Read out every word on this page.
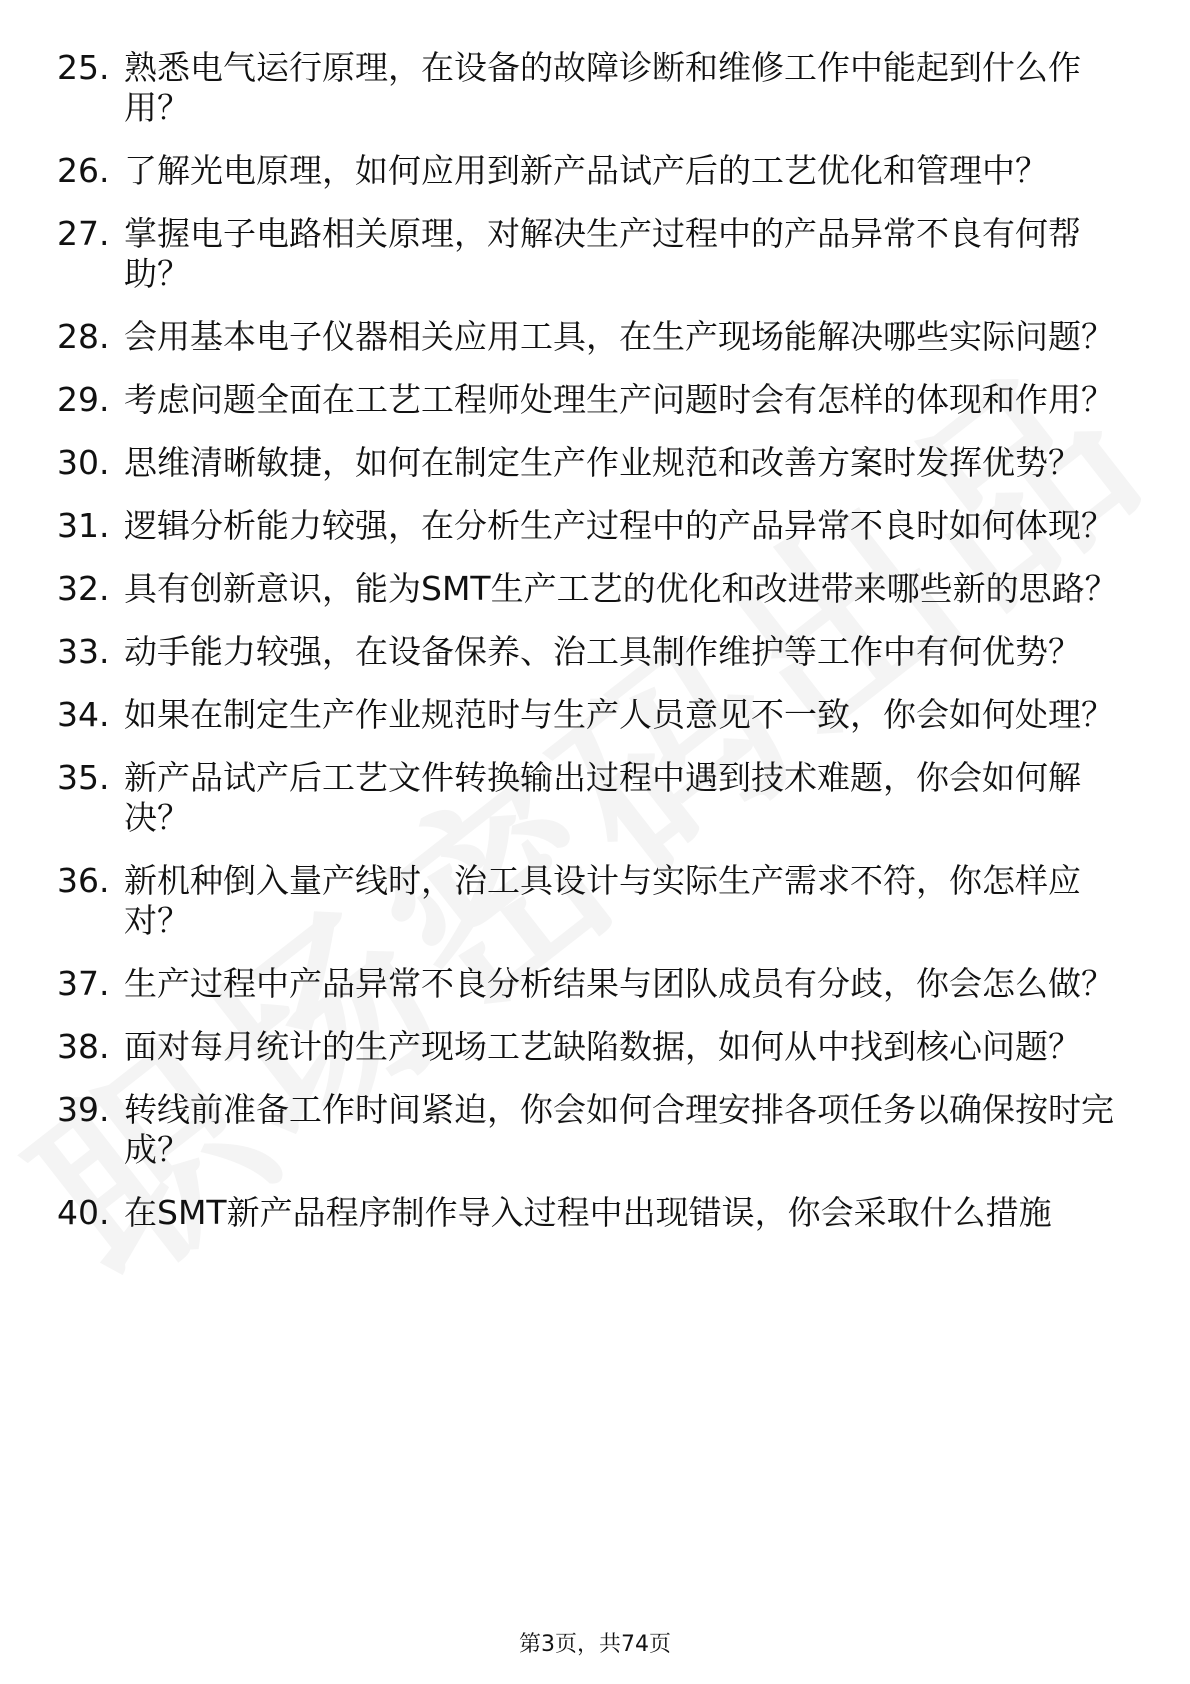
25. 熟悉电气运行原理，在设备的故障诊断和维修工作中能起到什么作用？
26. 了解光电原理，如何应用到新产品试产后的工艺优化和管理中？
27. 掌握电子电路相关原理，对解决生产过程中的产品异常不良有何帮助？
28. 会用基本电子仪器相关应用工具，在生产现场能解决哪些实际问题？
29. 考虑问题全面在工艺工程师处理生产问题时会有怎样的体现和作用？
30. 思维清晰敏捷，如何在制定生产作业规范和改善方案时发挥优势？
31. 逻辑分析能力较强，在分析生产过程中的产品异常不良时如何体现？
32. 具有创新意识，能为SMT生产工艺的优化和改进带来哪些新的思路？
33. 动手能力较强，在设备保养、治工具制作维护等工作中有何优势？
34. 如果在制定生产作业规范时与生产人员意见不一致，你会如何处理？
35. 新产品试产后工艺文件转换输出过程中遇到技术难题，你会如何解决？
36. 新机种倒入量产线时，治工具设计与实际生产需求不符，你怎样应对？
37. 生产过程中产品异常不良分析结果与团队成员有分歧，你会怎么做？
38. 面对每月统计的生产现场工艺缺陷数据，如何从中找到核心问题？
39. 转线前准备工作时间紧迫，你会如何合理安排各项任务以确保按时完成？
40. 在SMT新产品程序制作导入过程中出现错误，你会采取什么措施
第3页，共74页
